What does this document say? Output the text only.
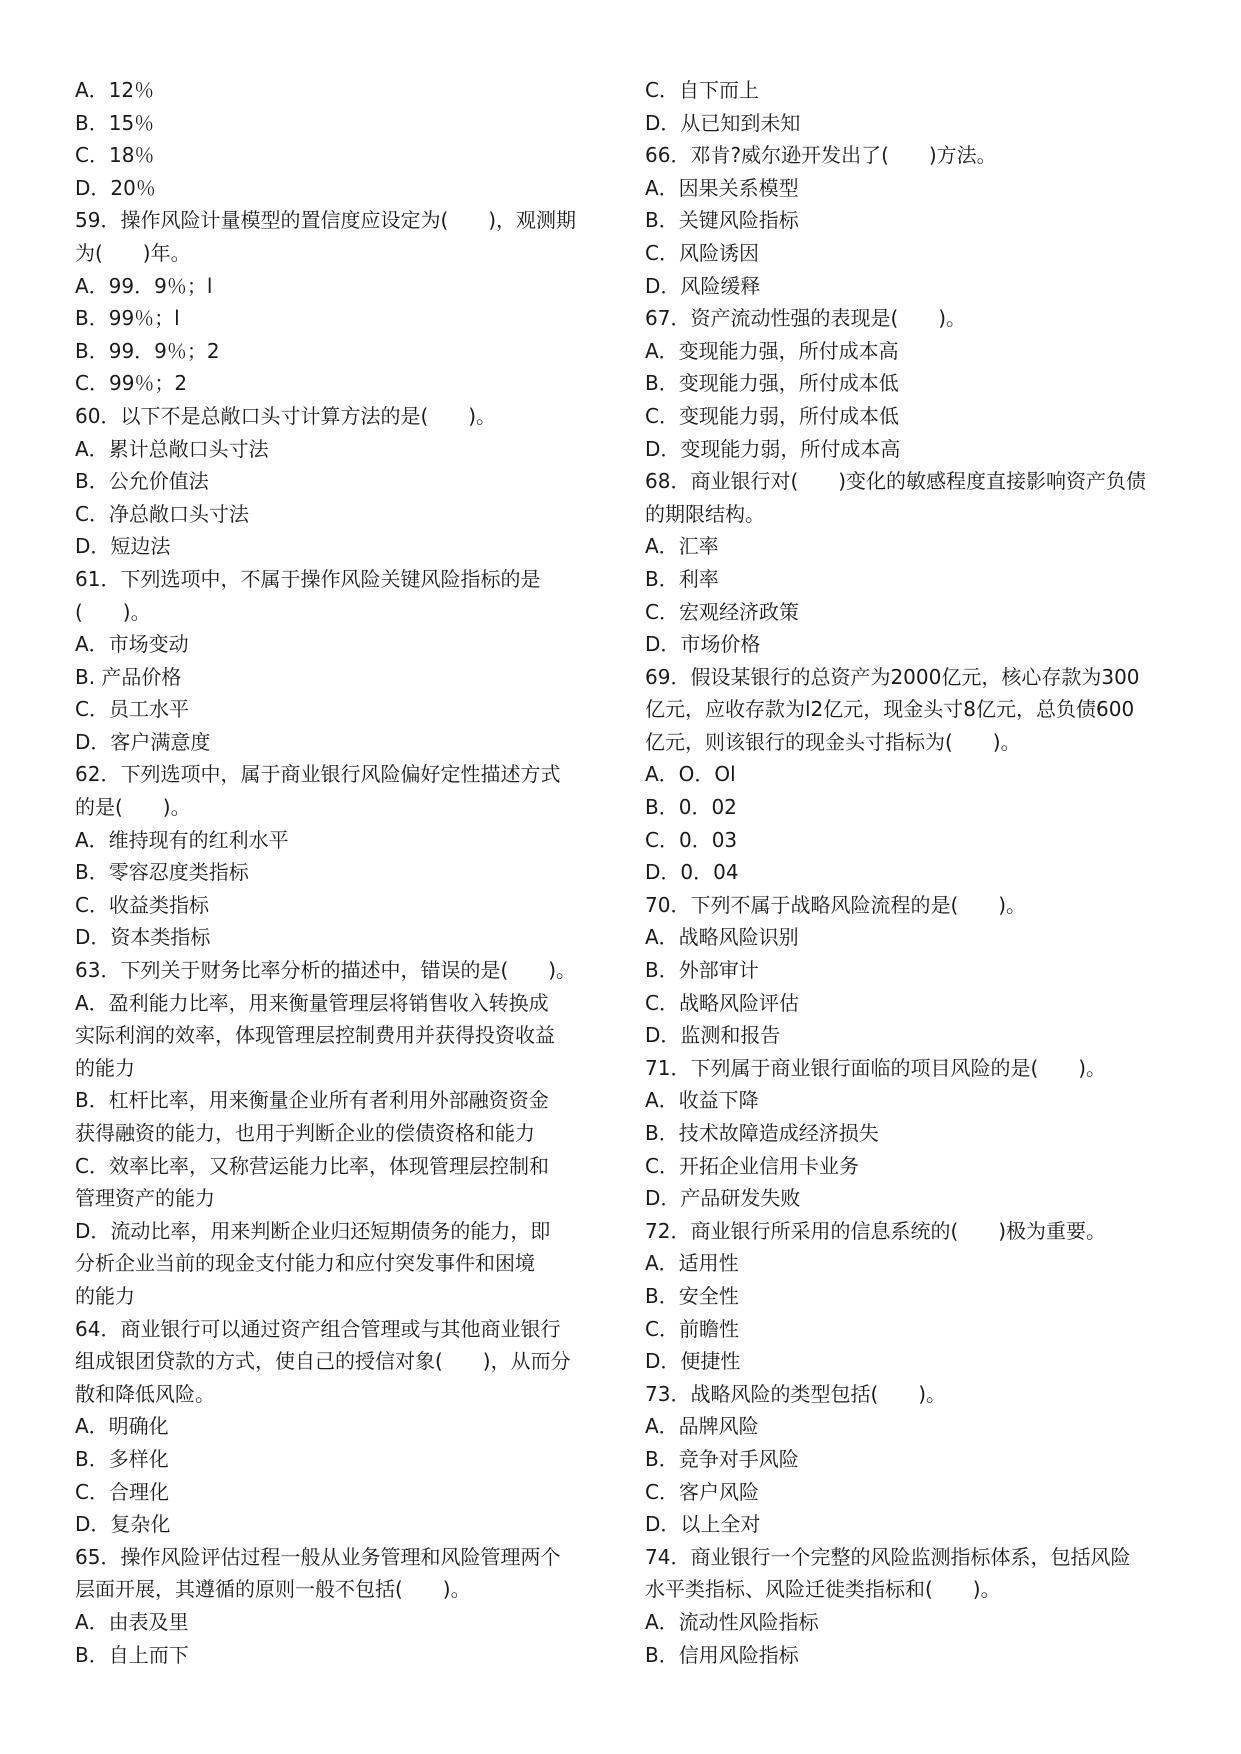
A．12％
B．15％
C．18％
D．20％
59．操作风险计量模型的置信度应设定为(　　)，观测期
为(　　)年。
A．99．9％；l
B．99％；l
B．99．9％；2
C．99％；2
60．以下不是总敞口头寸计算方法的是(　　)。
A．累计总敞口头寸法
B．公允价值法
C．净总敞口头寸法
D．短边法
61．下列选项中，不属于操作风险关键风险指标的是
(　　)。
A．市场变动
B. 产品价格
C．员工水平
D．客户满意度
62．下列选项中，属于商业银行风险偏好定性描述方式
的是(　　)。
A．维持现有的红利水平
B．零容忍度类指标
C．收益类指标
D．资本类指标
63．下列关于财务比率分析的描述中，错误的是(　　)。
A．盈利能力比率，用来衡量管理层将销售收入转换成
实际利润的效率，体现管理层控制费用并获得投资收益
的能力
B．杠杆比率，用来衡量企业所有者利用外部融资资金
获得融资的能力，也用于判断企业的偿债资格和能力
C．效率比率，又称营运能力比率，体现管理层控制和
管理资产的能力
D．流动比率，用来判断企业归还短期债务的能力，即
分析企业当前的现金支付能力和应付突发事件和困境
的能力
64．商业银行可以通过资产组合管理或与其他商业银行
组成银团贷款的方式，使自己的授信对象(　　)，从而分
散和降低风险。
A．明确化
B．多样化
C．合理化
D．复杂化
65．操作风险评估过程一般从业务管理和风险管理两个
层面开展，其遵循的原则一般不包括(　　)。
A．由表及里
B．自上而下
C．自下而上
D．从已知到未知
66．邓肯?威尔逊开发出了(　　)方法。
A．因果关系模型
B．关键风险指标
C．风险诱因
D．风险缓释
67．资产流动性强的表现是(　　)。
A．变现能力强，所付成本高
B．变现能力强，所付成本低
C．变现能力弱，所付成本低
D．变现能力弱，所付成本高
68．商业银行对(　　)变化的敏感程度直接影响资产负债
的期限结构。
A．汇率
B．利率
C．宏观经济政策
D．市场价格
69．假设某银行的总资产为2000亿元，核心存款为300
亿元，应收存款为l2亿元，现金头寸8亿元，总负债600
亿元，则该银行的现金头寸指标为(　　)。
A．O．Ol
B．0．02
C．0．03
D．0．04
70．下列不属于战略风险流程的是(　　)。
A．战略风险识别
B．外部审计
C．战略风险评估
D．监测和报告
71．下列属于商业银行面临的项目风险的是(　　)。
A．收益下降
B．技术故障造成经济损失
C．开拓企业信用卡业务
D．产品研发失败
72．商业银行所采用的信息系统的(　　)极为重要。
A．适用性
B．安全性
C．前瞻性
D．便捷性
73．战略风险的类型包括(　　)。
A．品牌风险
B．竞争对手风险
C．客户风险
D．以上全对
74．商业银行一个完整的风险监测指标体系，包括风险
水平类指标、风险迁徙类指标和(　　)。
A．流动性风险指标
B．信用风险指标
